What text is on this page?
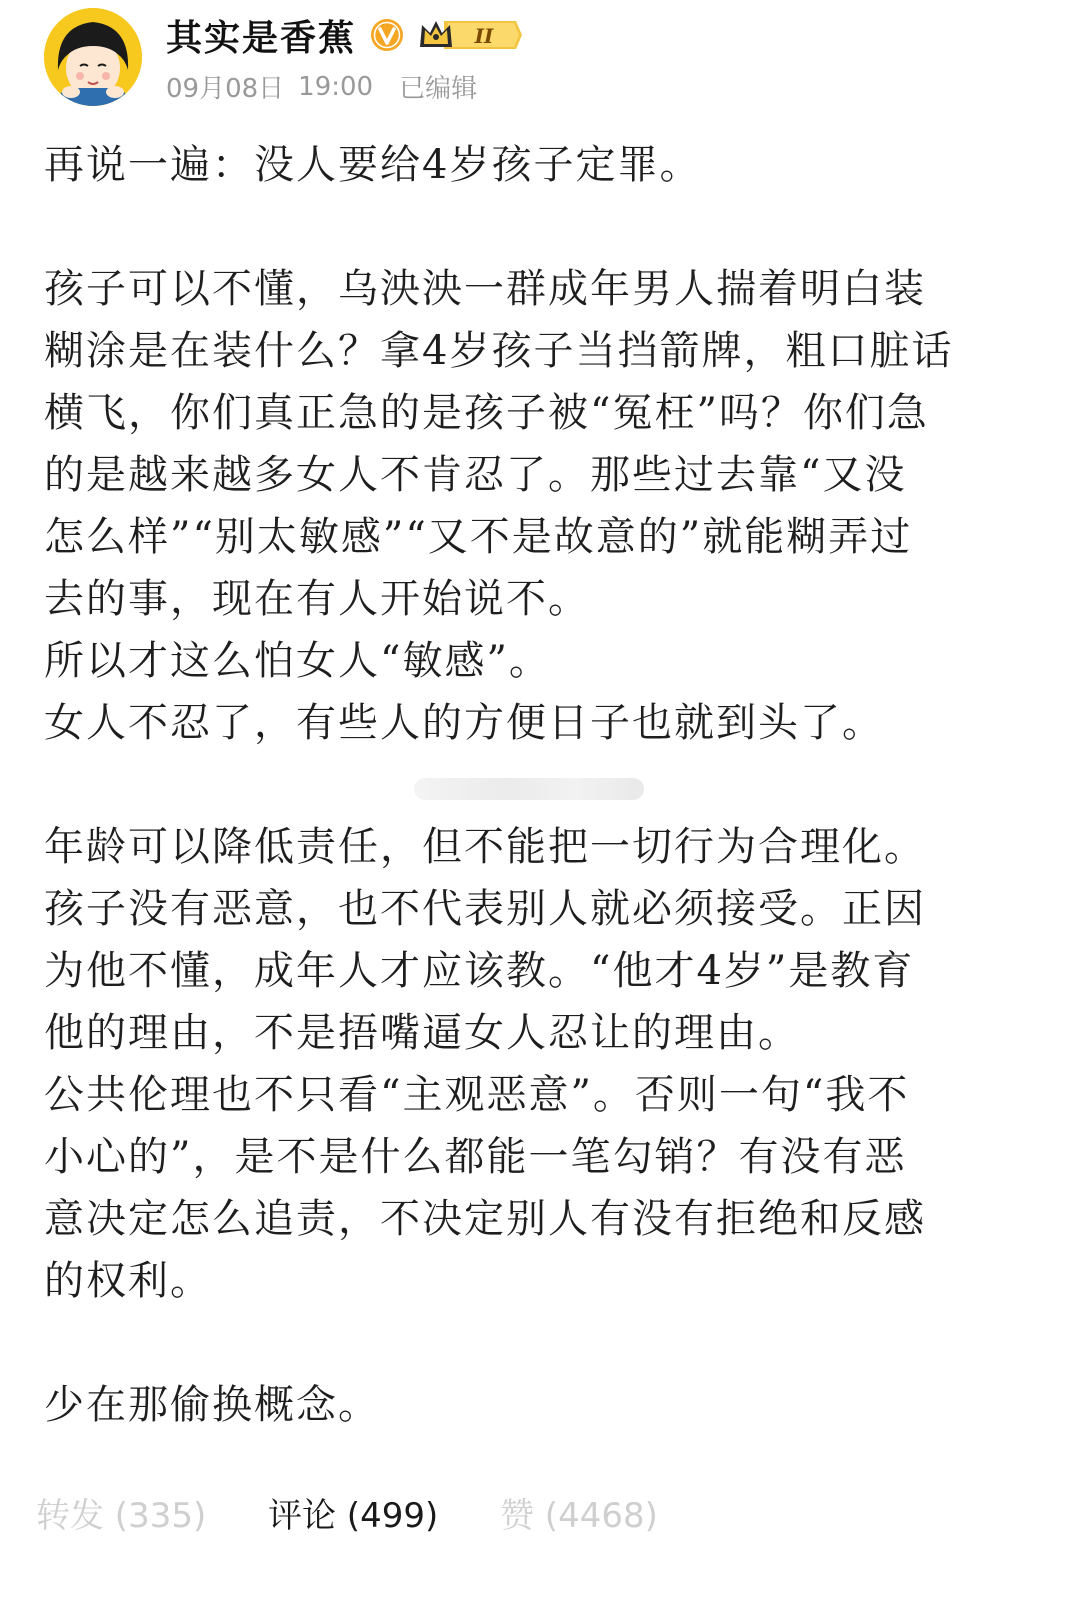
其实是香蕉	II
09月08日 19:00 已编辑

再说一遍：没人要给4岁孩子定罪。

孩子可以不懂，乌泱泱一群成年男人揣着明白装

糊涂是在装什么？拿4岁孩子当挡箭牌，粗口脏话

横飞，你们真正急的是孩子被“冤枉”吗？你们急

的是越来越多女人不肯忍了。那些过去靠“又没

怎么样”“别太敏感”“又不是故意的”就能糊弄过

去的事，现在有人开始说不。

所以才这么怕女人“敏感”。

女人不忍了，有些人的方便日子也就到头了。

年龄可以降低责任，但不能把一切行为合理化。

孩子没有恶意，也不代表别人就必须接受。正因

为他不懂，成年人才应该教。“他才4岁”是教育

他的理由，不是捂嘴逼女人忍让的理由。

公共伦理也不只看“主观恶意”。否则一句“我不

小心的”，是不是什么都能一笔勾销？有没有恶

意决定怎么追责，不决定别人有没有拒绝和反感

的权利。

少在那偷换概念。

转发 (335)	评论 (499)	赞 (4468)
